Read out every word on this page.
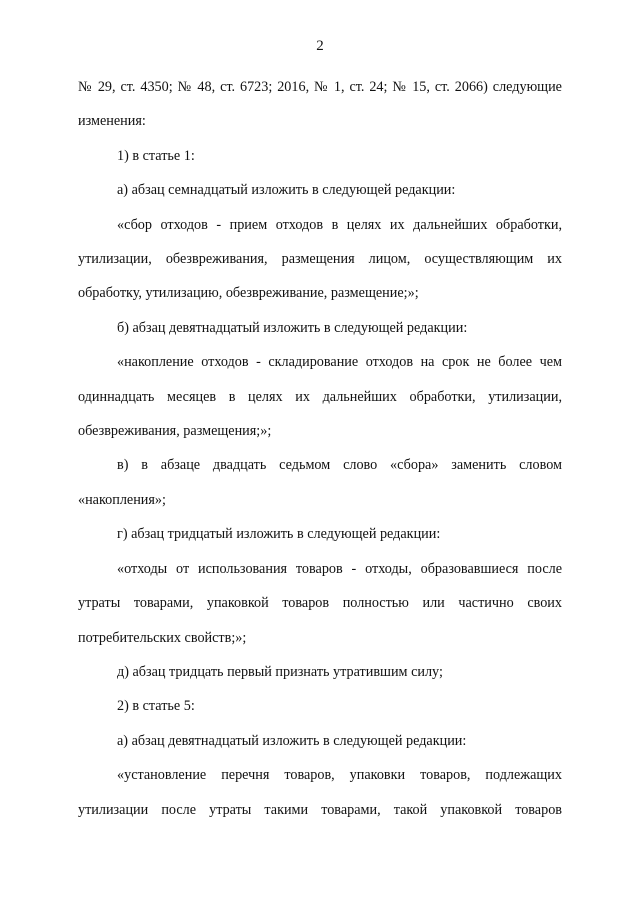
2

№ 29, ст. 4350; № 48, ст. 6723; 2016, № 1, ст. 24; № 15, ст. 2066) следующие изменения:

1) в статье 1:

а) абзац семнадцатый изложить в следующей редакции:

«сбор отходов - прием отходов в целях их дальнейших обработки, утилизации, обезвреживания, размещения лицом, осуществляющим их обработку, утилизацию, обезвреживание, размещение;»;

б) абзац девятнадцатый изложить в следующей редакции:

«накопление отходов - складирование отходов на срок не более чем одиннадцать месяцев в целях их дальнейших обработки, утилизации, обезвреживания, размещения;»;

в) в абзаце двадцать седьмом слово «сбора» заменить словом «накопления»;

г) абзац тридцатый изложить в следующей редакции:

«отходы от использования товаров - отходы, образовавшиеся после утраты товарами, упаковкой товаров полностью или частично своих потребительских свойств;»;

д) абзац тридцать первый признать утратившим силу;

2) в статье 5:

а) абзац девятнадцатый изложить в следующей редакции:

«установление перечня товаров, упаковки товаров, подлежащих утилизации после утраты такими товарами, такой упаковкой товаров
